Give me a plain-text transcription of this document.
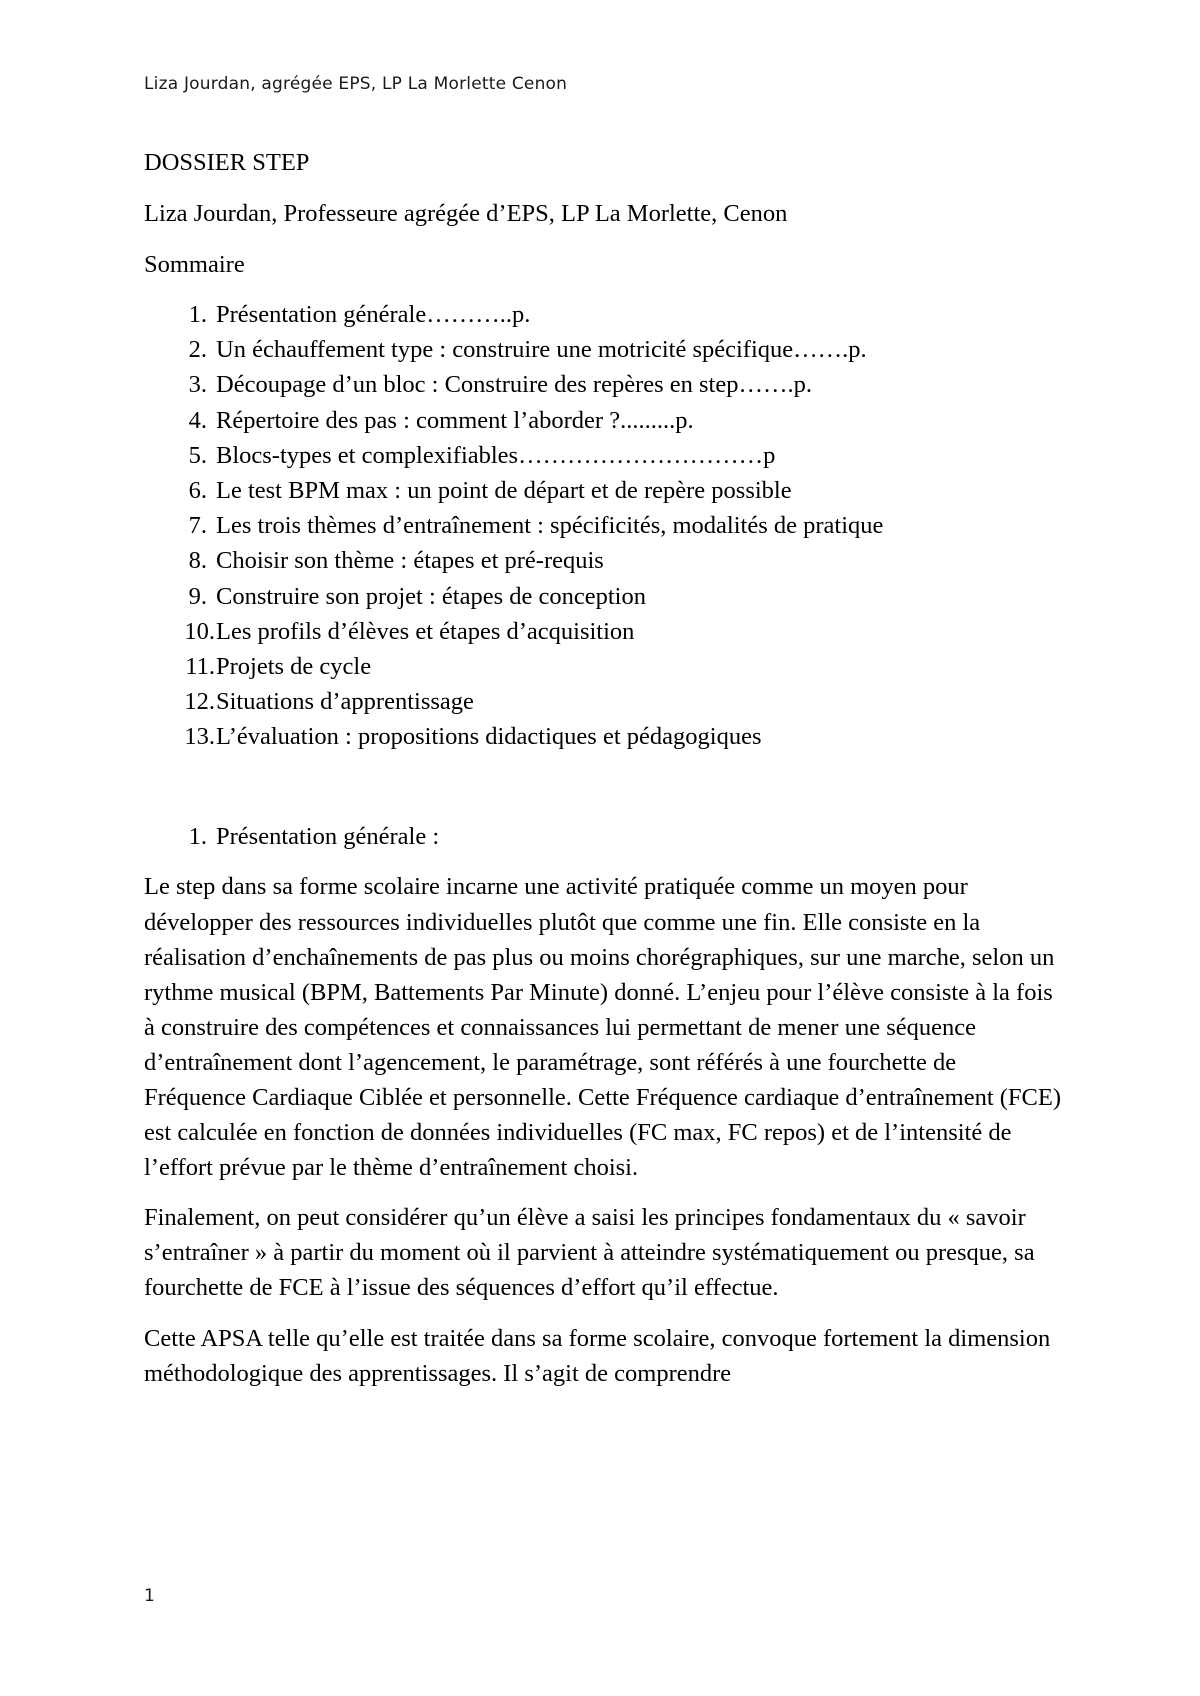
Liza Jourdan, agrégée EPS, LP La Morlette Cenon

DOSSIER STEP

Liza Jourdan, Professeure agrégée d’EPS, LP La Morlette, Cenon

Sommaire

1. Présentation générale………..p.
2. Un échauffement type : construire une motricité spécifique…….p.
3. Découpage d’un bloc : Construire des repères en step…….p.
4. Répertoire des pas : comment l’aborder ?.........p.
5. Blocs-types et complexifiables…………………………p
6. Le test BPM max : un point de départ et de repère possible
7. Les trois thèmes d’entraînement : spécificités, modalités de pratique
8. Choisir son thème : étapes et pré-requis
9. Construire son projet : étapes de conception
10. Les profils d’élèves et étapes d’acquisition
11. Projets de cycle
12. Situations d’apprentissage
13. L’évaluation : propositions didactiques et pédagogiques
1. Présentation générale :

Le step dans sa forme scolaire incarne une activité pratiquée comme un moyen pour développer des ressources individuelles plutôt que comme une fin. Elle consiste en la réalisation d’enchaînements de pas plus ou moins chorégraphiques, sur une marche, selon un rythme musical (BPM, Battements Par Minute) donné. L’enjeu pour l’élève consiste à la fois à construire des compétences et connaissances lui permettant de mener une séquence d’entraînement dont l’agencement, le paramétrage, sont référés à une fourchette de Fréquence Cardiaque Ciblée et personnelle. Cette Fréquence cardiaque d’entraînement (FCE) est calculée en fonction de données individuelles (FC max, FC repos) et de l’intensité de l’effort prévue par le thème d’entraînement choisi.

Finalement, on peut considérer qu’un élève a saisi les principes fondamentaux du « savoir s’entraîner » à partir du moment où il parvient à atteindre systématiquement ou presque, sa fourchette de FCE à l’issue des séquences d’effort qu’il effectue.

Cette APSA telle qu’elle est traitée dans sa forme scolaire, convoque fortement la dimension méthodologique des apprentissages. Il s’agit de comprendre

1
